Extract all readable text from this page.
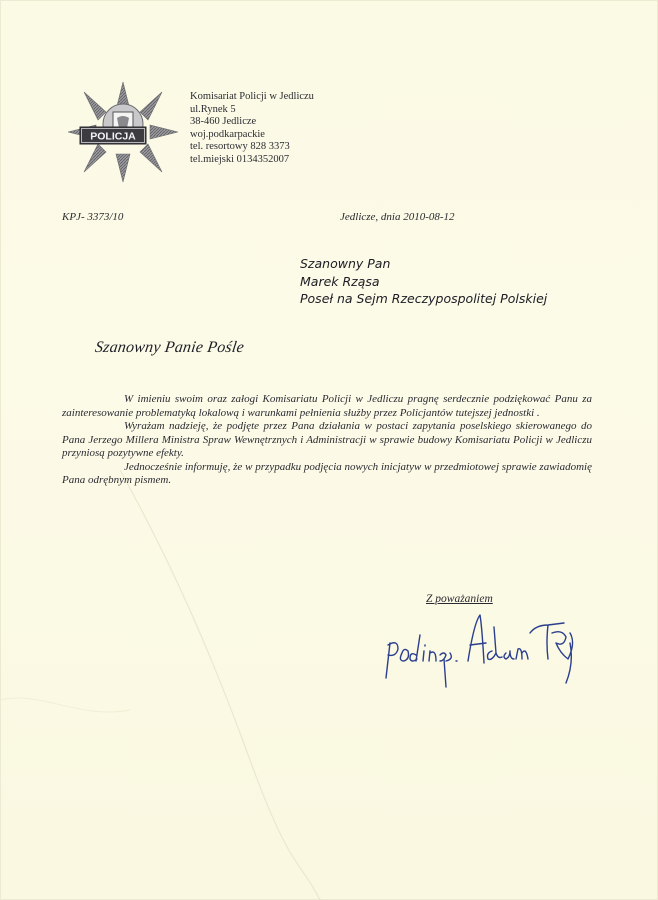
POLICJA
Komisariat Policji w Jedliczu
ul.Rynek 5
38-460 Jedlicze
woj.podkarpackie
tel. resortowy 828 3373
tel.miejski 0134352007
KPJ- 3373/10	Jedlicze, dnia 2010-08-12
Szanowny Pan
Marek Rząsa
Poseł na Sejm Rzeczypospolitej Polskiej
Szanowny Panie Pośle

W imieniu swoim oraz załogi Komisariatu Policji w Jedliczu pragnę serdecznie podziękować Panu za zainteresowanie problematyką lokalową i warunkami pełnienia służby przez Policjantów tutejszej jednostki .

Wyrażam nadzieję, że podjęte przez Pana działania w postaci zapytania poselskiego skierowanego do Pana Jerzego Millera Ministra Spraw Wewnętrznych i Administracji w sprawie budowy Komisariatu Policji w Jedliczu przyniosą pozytywne efekty.

Jednocześnie informuję, że w przypadku podjęcia nowych inicjatyw w przedmiotowej sprawie zawiadomię Pana odrębnym pismem.

Z poważaniem
podinsp. Adam Piróg
